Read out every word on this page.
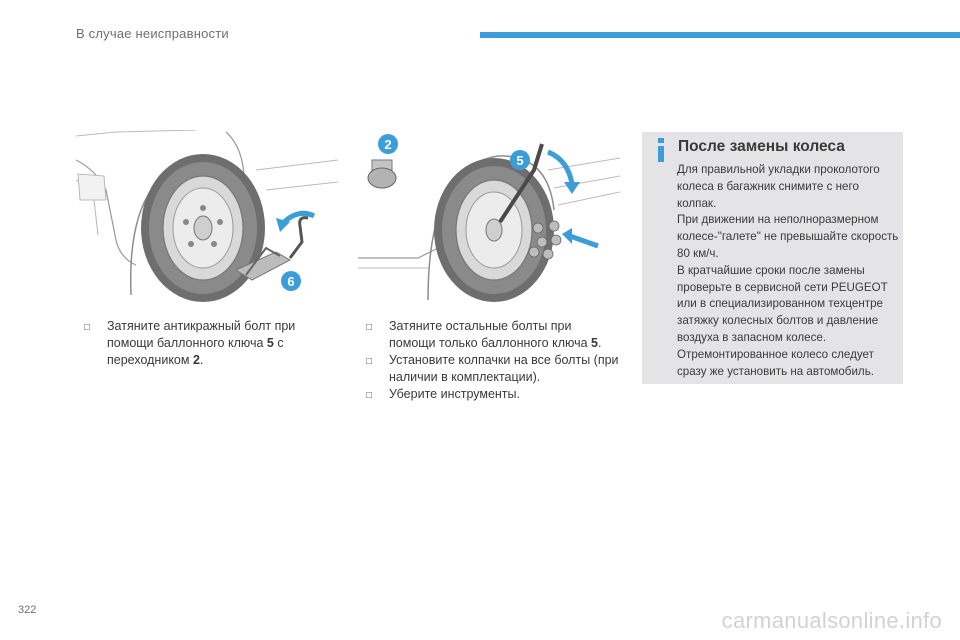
В случае неисправности
6
2
5
□ Затяните антикражный болт при помощи баллонного ключа 5 с переходником 2.
□ Затяните остальные болты при помощи только баллонного ключа 5.
□ Установите колпачки на все болты (при наличии в комплектации).
□ Уберите инструменты.
После замены колеса

Для правильной укладки проколотого колеса в багажник снимите с него колпак.

При движении на неполноразмерном колесе-"галете" не превышайте скорость 80 км/ч.

В кратчайшие сроки после замены проверьте в сервисной сети PEUGEOT или в специализированном техцентре затяжку колесных болтов и давление воздуха в запасном колесе. Отремонтированное колесо следует сразу же установить на автомобиль.

322	carmanualsonline.info
